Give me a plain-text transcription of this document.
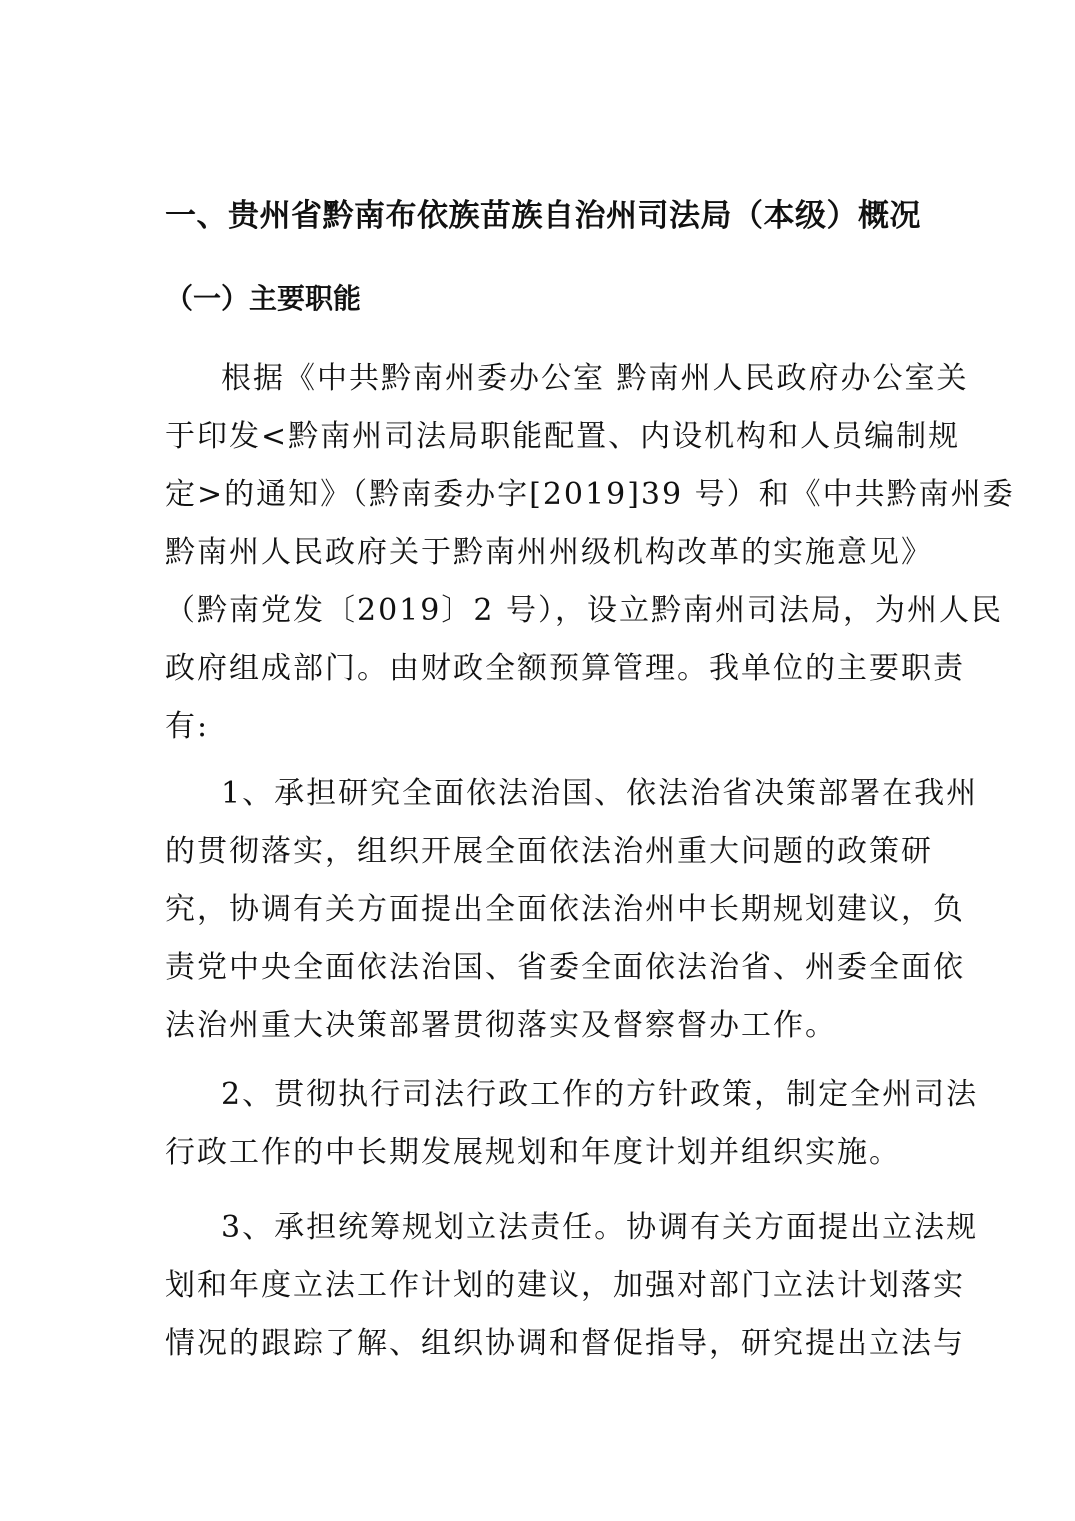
一、贵州省黔南布依族苗族自治州司法局（本级）概况
（一）主要职能
根据《中共黔南州委办公室 黔南州人民政府办公室关
于印发<黔南州司法局职能配置、内设机构和人员编制规
定>的通知》（黔南委办字[2019]39 号）和《中共黔南州委
黔南州人民政府关于黔南州州级机构改革的实施意见》
（黔南党发〔2019〕2 号），设立黔南州司法局，为州人民
政府组成部门。由财政全额预算管理。我单位的主要职责
有:
1、承担研究全面依法治国、依法治省决策部署在我州
的贯彻落实，组织开展全面依法治州重大问题的政策研
究，协调有关方面提出全面依法治州中长期规划建议，负
责党中央全面依法治国、省委全面依法治省、州委全面依
法治州重大决策部署贯彻落实及督察督办工作。
2、贯彻执行司法行政工作的方针政策，制定全州司法
行政工作的中长期发展规划和年度计划并组织实施。
3、承担统筹规划立法责任。协调有关方面提出立法规
划和年度立法工作计划的建议，加强对部门立法计划落实
情况的跟踪了解、组织协调和督促指导，研究提出立法与
